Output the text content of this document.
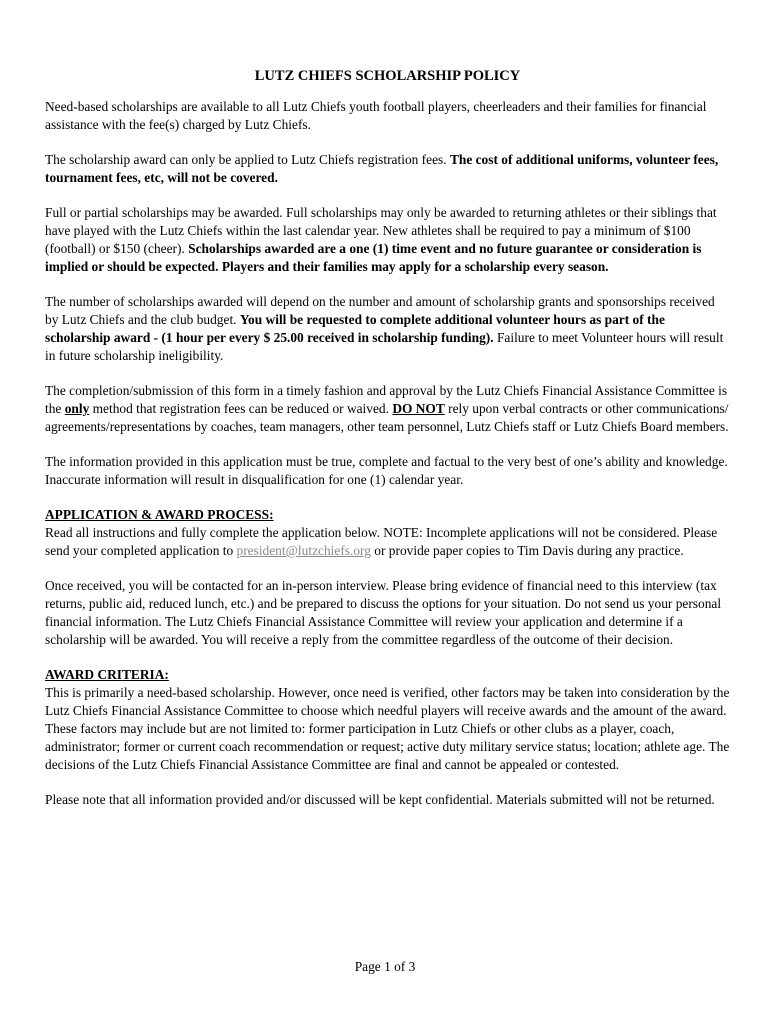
LUTZ CHIEFS SCHOLARSHIP POLICY

Need-based scholarships are available to all Lutz Chiefs youth football players, cheerleaders and their families for financial assistance with the fee(s) charged by Lutz Chiefs.

The scholarship award can only be applied to Lutz Chiefs registration fees. The cost of additional uniforms, volunteer fees, tournament fees, etc, will not be covered.

Full or partial scholarships may be awarded. Full scholarships may only be awarded to returning athletes or their siblings that have played with the Lutz Chiefs within the last calendar year. New athletes shall be required to pay a minimum of $100 (football) or $150 (cheer). Scholarships awarded are a one (1) time event and no future guarantee or consideration is implied or should be expected. Players and their families may apply for a scholarship every season.

The number of scholarships awarded will depend on the number and amount of scholarship grants and sponsorships received by Lutz Chiefs and the club budget. You will be requested to complete additional volunteer hours as part of the scholarship award - (1 hour per every $ 25.00 received in scholarship funding). Failure to meet Volunteer hours will result in future scholarship ineligibility.

The completion/submission of this form in a timely fashion and approval by the Lutz Chiefs Financial Assistance Committee is the only method that registration fees can be reduced or waived. DO NOT rely upon verbal contracts or other communications/ agreements/representations by coaches, team managers, other team personnel, Lutz Chiefs staff or Lutz Chiefs Board members.

The information provided in this application must be true, complete and factual to the very best of one’s ability and knowledge. Inaccurate information will result in disqualification for one (1) calendar year.

APPLICATION & AWARD PROCESS:
Read all instructions and fully complete the application below. NOTE: Incomplete applications will not be considered. Please send your completed application to president@lutzchiefs.org or provide paper copies to Tim Davis during any practice.

Once received, you will be contacted for an in-person interview. Please bring evidence of financial need to this interview (tax returns, public aid, reduced lunch, etc.) and be prepared to discuss the options for your situation. Do not send us your personal financial information. The Lutz Chiefs Financial Assistance Committee will review your application and determine if a scholarship will be awarded. You will receive a reply from the committee regardless of the outcome of their decision.

AWARD CRITERIA:
This is primarily a need-based scholarship. However, once need is verified, other factors may be taken into consideration by the Lutz Chiefs Financial Assistance Committee to choose which needful players will receive awards and the amount of the award. These factors may include but are not limited to: former participation in Lutz Chiefs or other clubs as a player, coach, administrator; former or current coach recommendation or request; active duty military service status; location; athlete age. The decisions of the Lutz Chiefs Financial Assistance Committee are final and cannot be appealed or contested.

Please note that all information provided and/or discussed will be kept confidential. Materials submitted will not be returned.

Page 1 of 3
